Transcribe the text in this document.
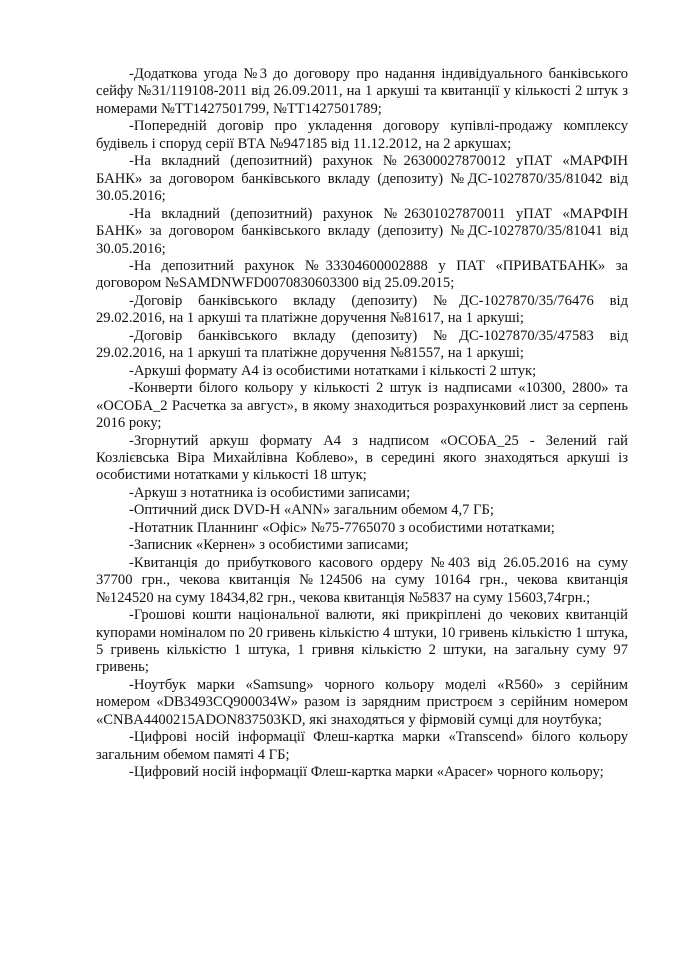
-Додаткова угода №3 до договору про надання індивідуального банківського сейфу №31/119108-2011 від 26.09.2011, на 1 аркуші та квитанції у кількості 2 штук з номерами №ТТ1427501799, №ТТ1427501789;

-Попередній договір про укладення договору купівлі-продажу комплексу будівель і споруд серії ВТА №947185 від 11.12.2012, на 2 аркушах;

-На вкладний (депозитний) рахунок №26300027870012 уПАТ «МАРФІН БАНК» за договором банківського вкладу (депозиту) №ДС-1027870/35/81042 від 30.05.2016;

-На вкладний (депозитний) рахунок №26301027870011 уПАТ «МАРФІН БАНК» за договором банківського вкладу (депозиту) №ДС-1027870/35/81041 від 30.05.2016;

-На депозитний рахунок №33304600002888 у ПАТ «ПРИВАТБАНК» за договором №SAMDNWFD0070830603300 від 25.09.2015;

-Договір банківського вкладу (депозиту) №ДС-1027870/35/76476 від 29.02.2016, на 1 аркуші та платіжне доручення №81617, на 1 аркуші;

-Договір банківського вкладу (депозиту) №ДС-1027870/35/47583 від 29.02.2016, на 1 аркуші та платіжне доручення №81557, на 1 аркуші;

-Аркуші формату А4 із особистими нотатками і кількості 2 штук;

-Конверти білого кольору у кількості 2 штук із надписами «10300, 2800» та «ОСОБА_2 Расчетка за август», в якому знаходиться розрахунковий лист за серпень 2016 року;

-Згорнутий аркуш формату А4 з надписом «ОСОБА_25 - Зелений гай Козлієвська Віра Михайлівна Коблево», в середині якого знаходяться аркуші із особистими нотатками у кількості 18 штук;

-Аркуш з нотатника із особистими записами;

-Оптичний диск DVD-H «ANN» загальним обемом 4,7 ГБ;

-Нотатник Планнинг «Офіс» №75-7765070 з особистими нотатками;

-Записник «Кернен» з особистими записами;

-Квитанція до прибуткового касового ордеру №403 від 26.05.2016 на суму 37700 грн., чекова квитанція №124506 на суму 10164 грн., чекова квитанція №124520 на суму 18434,82 грн., чекова квитанція №5837 на суму 15603,74грн.;

-Грошові кошти національної валюти, які прикріплені до чекових квитанцій купорами номіналом по 20 гривень кількістю 4 штуки, 10 гривень кількістю 1 штука, 5 гривень кількістю 1 штука, 1 гривня кількістю 2 штуки, на загальну суму 97 гривень;

-Ноутбук марки «Samsung» чорного кольору моделі «R560» з серійним номером «DB3493CQ900034W» разом із зарядним пристроєм з серійним номером «CNBA4400215ADON837503KD, які знаходяться у фірмовій сумці для ноутбука;

-Цифрові носій інформації Флеш-картка марки «Transcend» білого кольору загальним обемом памяті 4 ГБ;

-Цифровий носій інформації Флеш-картка марки «Apacer» чорного кольору;
